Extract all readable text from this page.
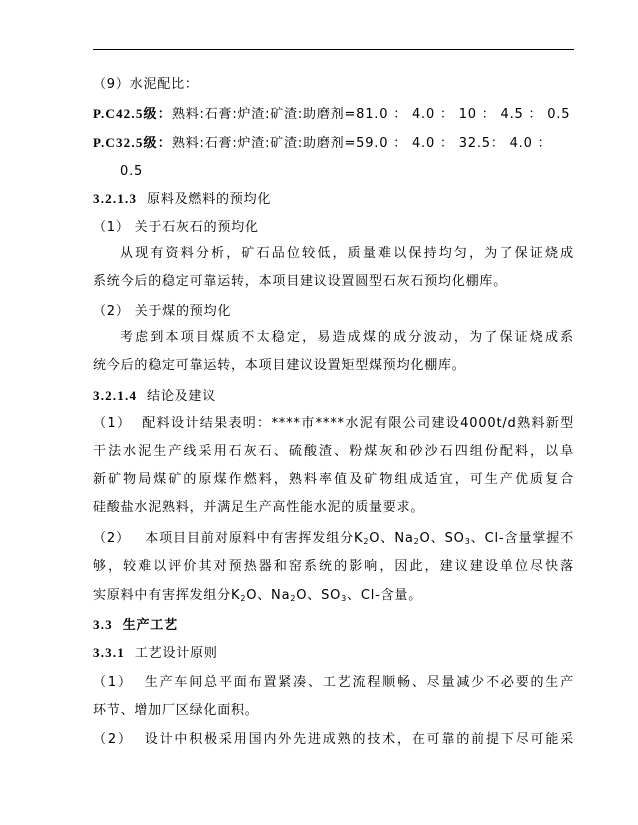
（9）水泥配比：
P.C42.5级：熟料:石膏:炉渣:矿渣:助磨剂=81.0 ： 4.0 ： 10 ： 4.5 ： 0.5
P.C32.5级：熟料:石膏:炉渣:矿渣:助磨剂=59.0 ： 4.0 ： 32.5： 4.0 ：
0.5
3.2.1.3 原料及燃料的预均化
（1） 关于石灰石的预均化
从现有资料分析，矿石品位较低，质量难以保持均匀，为了保证烧成
系统今后的稳定可靠运转，本项目建议设置圆型石灰石预均化棚库。
（2） 关于煤的预均化
考虑到本项目煤质不太稳定，易造成煤的成分波动，为了保证烧成系
统今后的稳定可靠运转，本项目建议设置矩型煤预均化棚库。
3.2.1.4 结论及建议
（1） 配料设计结果表明：****市****水泥有限公司建设4000t/d熟料新型
干法水泥生产线采用石灰石、硫酸渣、粉煤灰和砂沙石四组份配料，以阜
新矿物局煤矿的原煤作燃料，熟料率值及矿物组成适宜，可生产优质复合
硅酸盐水泥熟料，并满足生产高性能水泥的质量要求。
（2） 本项目目前对原料中有害挥发组分$K_2O$、$Na_2O$、$SO_3$、Cl-含量掌握不
够，较难以评价其对预热器和窑系统的影响，因此，建议建设单位尽快落
实原料中有害挥发组分$K_2O$、$Na_2O$、$SO_3$、Cl-含量。
3.3 生产工艺
3.3.1 工艺设计原则
（1） 生产车间总平面布置紧凑、工艺流程顺畅、尽量减少不必要的生产
环节、增加厂区绿化面积。
（2） 设计中积极采用国内外先进成熟的技术，在可靠的前提下尽可能采
